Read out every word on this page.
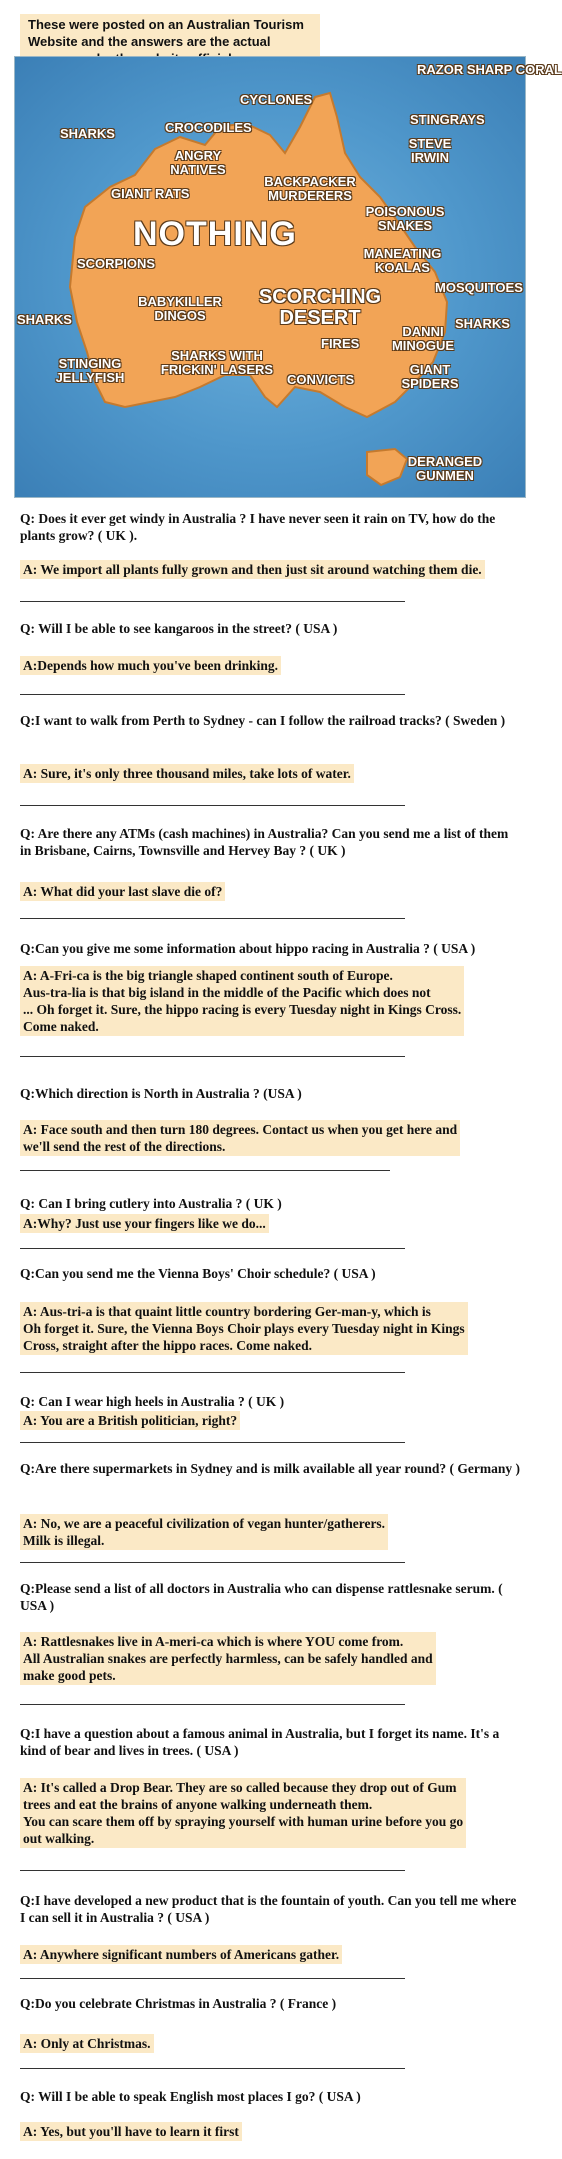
These were posted on an Australian Tourism Website and the answers are the actual
RAZOR SHARP CORAL
CYCLONES
STINGRAYS
SHARKS	CROCODILES
STEVE IRWIN
ANGRY NATIVES
BACKPACKER MURDERERS
GIANT RATS
POISONOUS SNAKES
NOTHING
MANEATING KOALAS
SCORPIONS
MOSQUITOES
SCORCHING DESERT
BABYKILLER DINGOS
SHARKS	SHARKS
DANNI MINOGUE
FIRES
SHARKS WITH FRICKIN' LASERS
STINGING JELLYFISH	CONVICTS
GIANT SPIDERS
DERANGED GUNMEN

Q: Does it ever get windy in Australia ? I have never seen it rain on TV, how do the plants grow? ( UK ).

A: We import all plants fully grown and then just sit around watching them die.

Q: Will I be able to see kangaroos in the street? ( USA )

A:Depends how much you've been drinking.

Q:I want to walk from Perth to Sydney - can I follow the railroad tracks? ( Sweden )

A: Sure, it's only three thousand miles, take lots of water.

Q: Are there any ATMs (cash machines) in Australia? Can you send me a list of them in Brisbane, Cairns, Townsville and Hervey Bay ? ( UK )

A: What did your last slave die of?

Q:Can you give me some information about hippo racing in Australia ? ( USA )

A: A-Fri-ca is the big triangle shaped continent south of Europe.
Aus-tra-lia is that big island in the middle of the Pacific which does not
... Oh forget it. Sure, the hippo racing is every Tuesday night in Kings Cross.
Come naked.

Q:Which direction is North in Australia ? (USA )

A: Face south and then turn 180 degrees. Contact us when you get here and
we'll send the rest of the directions.

Q: Can I bring cutlery into Australia ? ( UK )

A:Why? Just use your fingers like we do...

Q:Can you send me the Vienna Boys' Choir schedule? ( USA )

A: Aus-tri-a is that quaint little country bordering Ger-man-y, which is
Oh forget it. Sure, the Vienna Boys Choir plays every Tuesday night in Kings
Cross, straight after the hippo races. Come naked.

Q: Can I wear high heels in Australia ? ( UK )

A: You are a British politician, right?

Q:Are there supermarkets in Sydney and is milk available all year round? ( Germany )

A: No, we are a peaceful civilization of vegan hunter/gatherers.
Milk is illegal.

Q:Please send a list of all doctors in Australia who can dispense rattlesnake serum. ( USA )

A: Rattlesnakes live in A-meri-ca which is where YOU come from.
All Australian snakes are perfectly harmless, can be safely handled and
make good pets.

Q:I have a question about a famous animal in Australia, but I forget its name. It's a kind of bear and lives in trees. ( USA )

A: It's called a Drop Bear. They are so called because they drop out of Gum
trees and eat the brains of anyone walking underneath them.
You can scare them off by spraying yourself with human urine before you go
out walking.

Q:I have developed a new product that is the fountain of youth. Can you tell me where I can sell it in Australia ? ( USA )

A: Anywhere significant numbers of Americans gather.

Q:Do you celebrate Christmas in Australia ? ( France )

A: Only at Christmas.

Q: Will I be able to speak English most places I go? ( USA )

A: Yes, but you'll have to learn it first
